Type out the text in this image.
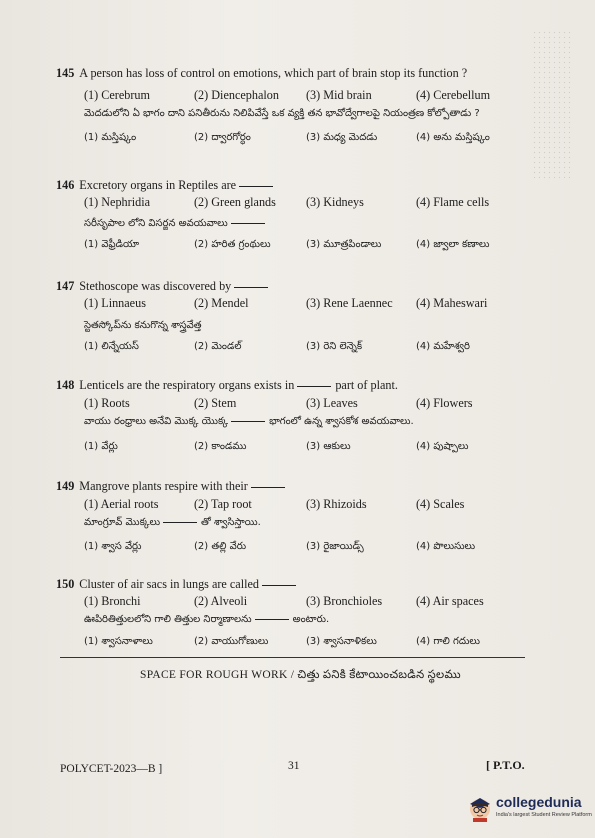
145 A person has loss of control on emotions, which part of brain stop its function ?
(1) Cerebrum	(2) Diencephalon (3) Mid brain	(4) Cerebellum
మెదడులోని ఏ భాగం దాని పనితీరును నిలిపివేస్తే ఒక వ్యక్తి తన భావోద్వేగాలపై నియంత్రణ కోల్పోతాడు ?
(1) మస్తిష్కం	(2) ద్వారగోర్ధం	(3) మధ్య మెదడు	(4) అను మస్తిష్కం
146 Excretory organs in Reptiles are
(1) Nephridia	(2) Green glands (3) Kidneys	(4) Flame cells
సరీసృపాల లోని విసర్జన అవయవాలు
(1) వెఫ్రీడియా	(2) హరిత గ్రంథులు	(3) మూత్రపిండాలు	(4) జ్వాలా కణాలు
147 Stethoscope was discovered by
(1) Linnaeus	(2) Mendel	(3) Rene Laennec (4) Maheswari
స్టెతస్కోప్‌ను కనుగొన్న శాస్త్రవేత్త
(1) లిన్నేయస్	(2) మెండల్	(3) రెని లెన్నెక్	(4) మహేశ్వరి
148 Lenticels are the respiratory organs exists in	part of plant.
(1) Roots	(2) Stem	(3) Leaves	(4) Flowers
వాయు రంధ్రాలు అనేవి మొక్క యొక్క	భాగంలో ఉన్న శ్వాసకోశ అవయవాలు.
(1) వేర్లు	(2) కాండము	(3) ఆకులు	(4) పుష్పాలు
149 Mangrove plants respire with their
(1) Aerial roots	(2) Tap root	(3) Rhizoids	(4) Scales
మాంగ్రూవ్ మొక్కలు	తో శ్వాసిస్తాయి.
(1) శ్వాస వేర్లు	(2) తల్లి వేరు	(3) రైజాయిడ్స్	(4) పొలుసులు
150 Cluster of air sacs in lungs are called
(1) Bronchi	(2) Alveoli	(3) Bronchioles	(4) Air spaces
ఊపిరితిత్తులలోని గాలి తిత్తుల నిర్మాణాలను	అంటారు.
(1) శ్వాసనాళాలు	(2) వాయుగోణులు	(3) శ్వాసనాళికలు	(4) గాలి గదులు
SPACE FOR ROUGH WORK / చిత్తు పనికి కేటాయించబడిన స్థలము
POLYCET-2023—B ]	31	[ P.T.O.
collegedunia
India's largest Student Review Platform
